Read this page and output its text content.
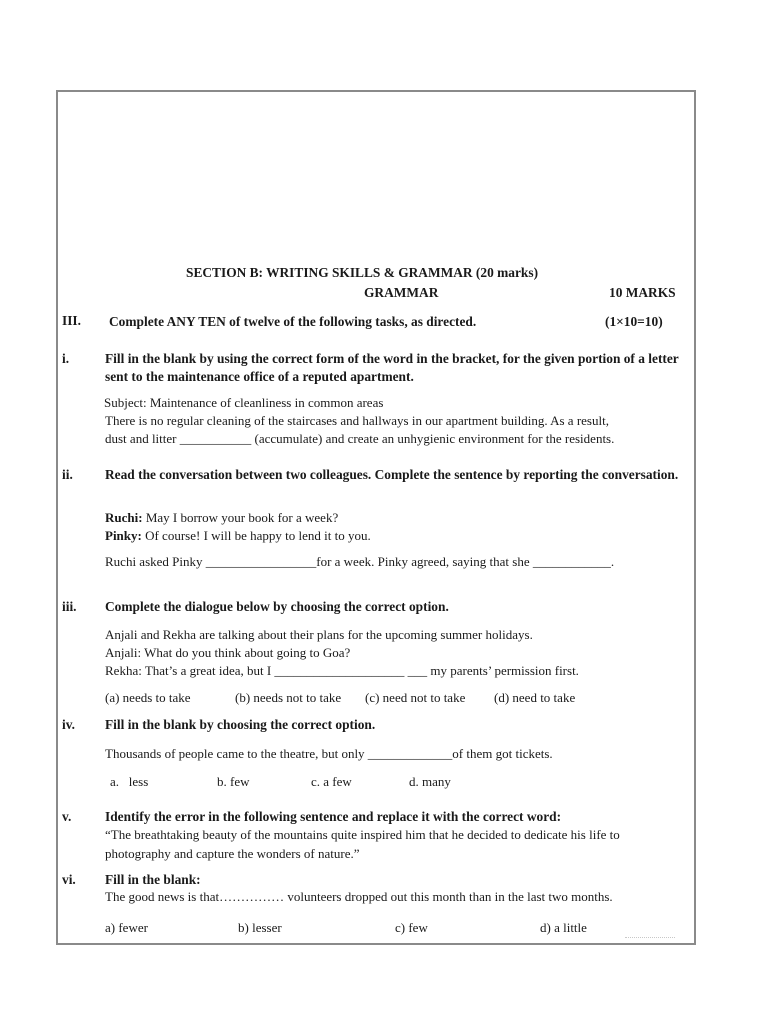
SECTION B: WRITING SKILLS & GRAMMAR (20 marks)
GRAMMAR	10 MARKS
III. Complete ANY TEN of twelve of the following tasks, as directed.	(1×10=10)
i.	Fill in the blank by using the correct form of the word in the bracket, for the given portion of a letter sent to the maintenance office of a reputed apartment.
Subject: Maintenance of cleanliness in common areas
There is no regular cleaning of the staircases and hallways in our apartment building. As a result,
dust and litter ___________ (accumulate) and create an unhygienic environment for the residents.
ii. Read the conversation between two colleagues. Complete the sentence by reporting the conversation.
Ruchi: May I borrow your book for a week?
Pinky: Of course! I will be happy to lend it to you.
Ruchi asked Pinky _________________for a week. Pinky agreed, saying that she ____________.
iii. Complete the dialogue below by choosing the correct option.
Anjali and Rekha are talking about their plans for the upcoming summer holidays.
Anjali: What do you think about going to Goa?
Rekha: That’s a great idea, but I ____________________ ___ my parents’ permission first.
(a) needs to take	(b) needs not to take (c) need not to take (d) need to take
iv. Fill in the blank by choosing the correct option.
Thousands of people came to the theatre, but only _____________of them got tickets.
a.   less	b. few	c. a few	d. many
v.	Identify the error in the following sentence and replace it with the correct word:
“The breathtaking beauty of the mountains quite inspired him that he decided to dedicate his life to
photography and capture the wonders of nature.”
vi. Fill in the blank:
The good news is that…………… volunteers dropped out this month than in the last two months.
a) fewer	b) lesser	c) few	d) a little
